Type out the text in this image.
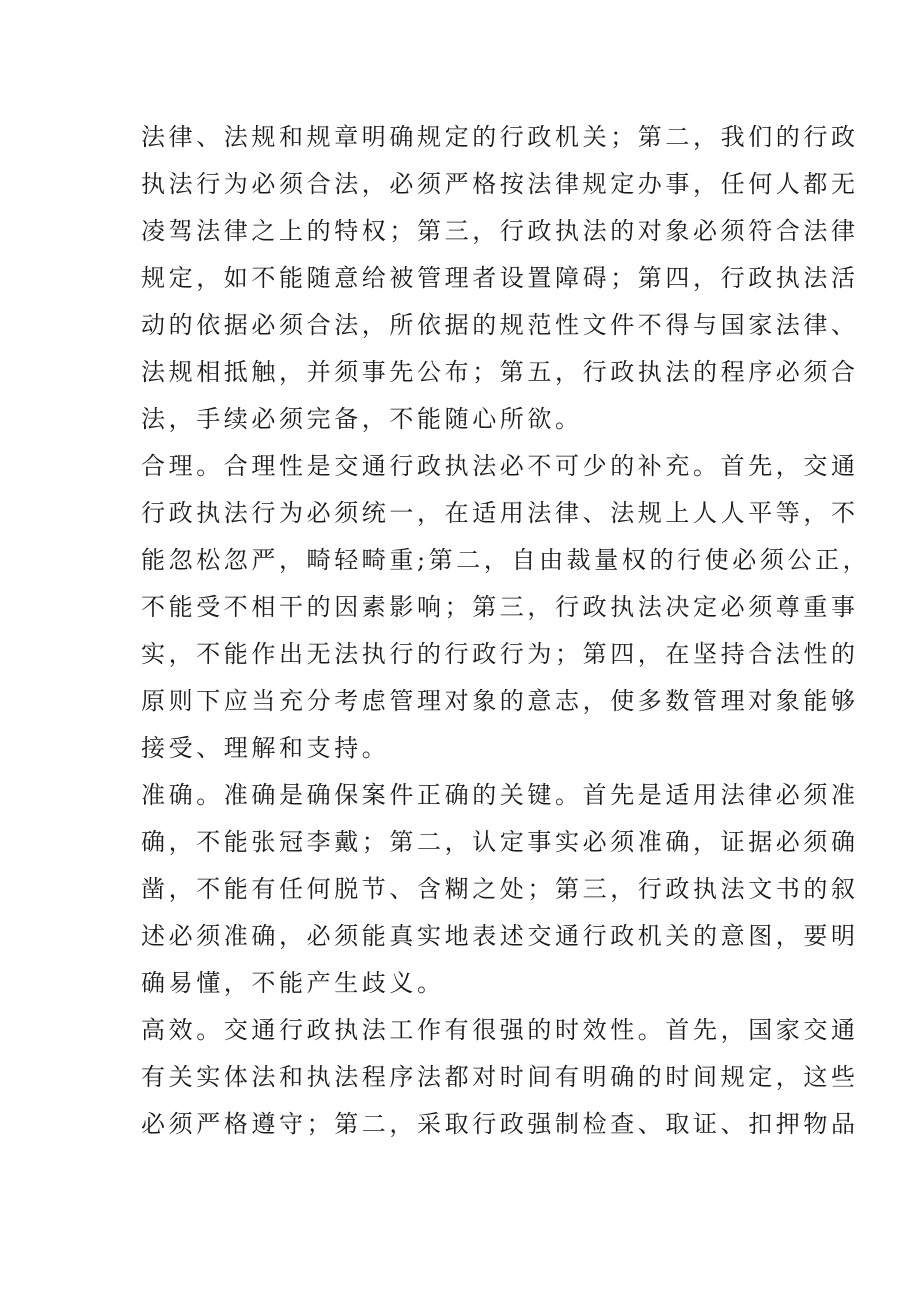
法律、法规和规章明确规定的行政机关；第二，我们的行政
执法行为必须合法，必须严格按法律规定办事，任何人都无
凌驾法律之上的特权；第三，行政执法的对象必须符合法律
规定，如不能随意给被管理者设置障碍；第四，行政执法活
动的依据必须合法，所依据的规范性文件不得与国家法律、
法规相抵触，并须事先公布；第五，行政执法的程序必须合
法，手续必须完备，不能随心所欲。
合理。合理性是交通行政执法必不可少的补充。首先，交通
行政执法行为必须统一，在适用法律、法规上人人平等，不
能忽松忽严，畸轻畸重;第二，自由裁量权的行使必须公正，
不能受不相干的因素影响；第三，行政执法决定必须尊重事
实，不能作出无法执行的行政行为；第四，在坚持合法性的
原则下应当充分考虑管理对象的意志，使多数管理对象能够
接受、理解和支持。
准确。准确是确保案件正确的关键。首先是适用法律必须准
确，不能张冠李戴；第二，认定事实必须准确，证据必须确
凿，不能有任何脱节、含糊之处；第三，行政执法文书的叙
述必须准确，必须能真实地表述交通行政机关的意图，要明
确易懂，不能产生歧义。
高效。交通行政执法工作有很强的时效性。首先，国家交通
有关实体法和执法程序法都对时间有明确的时间规定，这些
必须严格遵守；第二，采取行政强制检查、取证、扣押物品
